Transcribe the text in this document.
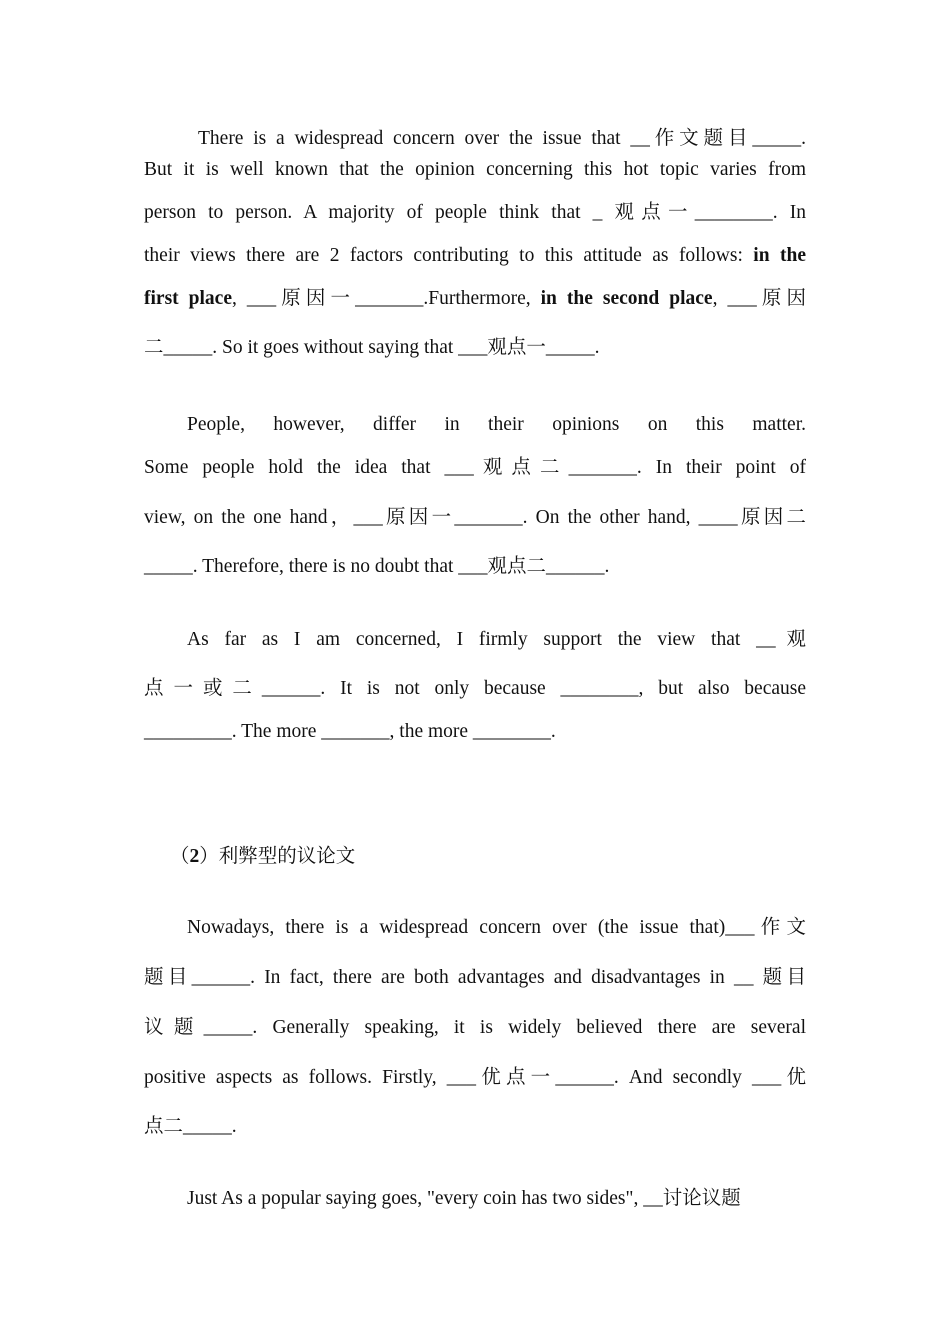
There is a widespread concern over the issue that __作文题目_____.
But it is well known that the opinion concerning this hot topic varies from
person to person. A majority of people think that _ 观点一________. In
their views there are 2 factors contributing to this attitude as follows: in the
first place, ___原因一_______.Furthermore, in the second place, ___原因
二_____. So it goes without saying that ___观点一_____.
People, however, differ in their opinions on this matter.
Some people hold the idea that ___观点二_______. In their point of
view, on the one hand，___原因一_______. On the other hand, ____原因二
_____. Therefore, there is no doubt that ___观点二______.
As far as I am concerned, I firmly support the view that __观
点一或二______. It is not only because ________, but also because
_________. The more _______, the more ________.
（2）利弊型的议论文
Nowadays, there is a widespread concern over (the issue that)___作文
题目______. In fact, there are both advantages and disadvantages in __ 题目
议题_____. Generally speaking, it is widely believed there are several
positive aspects as follows. Firstly, ___优点一______. And secondly ___优
点二_____.
Just As a popular saying goes, "every coin has two sides", __讨论议题
